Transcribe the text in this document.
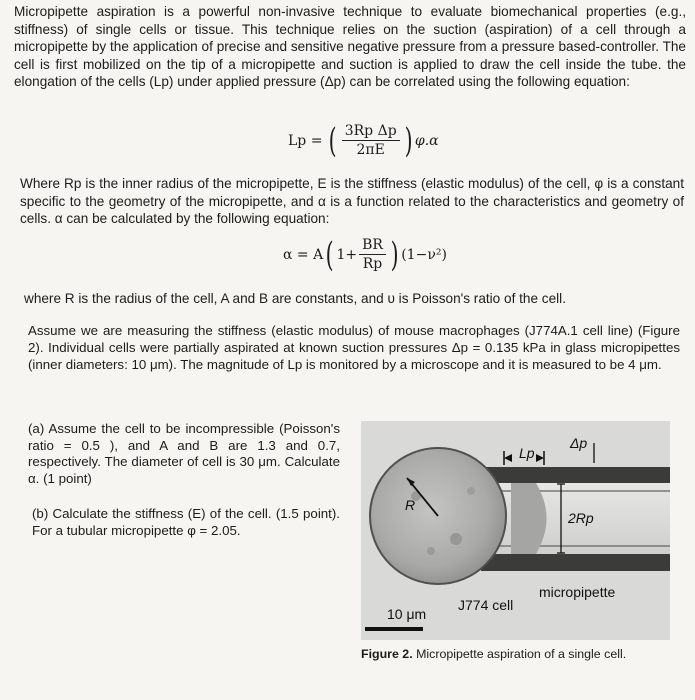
Micropipette aspiration is a powerful non-invasive technique to evaluate biomechanical properties (e.g., stiffness) of single cells or tissue. This technique relies on the suction (aspiration) of a cell through a micropipette by the application of precise and sensitive negative pressure from a pressure based-controller. The cell is first mobilized on the tip of a micropipette and suction is applied to draw the cell inside the tube. the elongation of the cells (Lp) under applied pressure (Δp) can be correlated using the following equation:

Lp = ( $\frac{\text{3Rp Δp}}{2\pi E}$ ) φ.α

Where Rp is the inner radius of the micropipette, E is the stiffness (elastic modulus) of the cell, φ is a constant specific to the geometry of the micropipette, and α is a function related to the characteristics and geometry of cells. α can be calculated by the following equation:

α = A ( $1+ \frac{BR}{Rp}$ ) (1−ν²)

where R is the radius of the cell, A and B are constants, and υ is Poisson's ratio of the cell.

Assume we are measuring the stiffness (elastic modulus) of mouse macrophages (J774A.1 cell line) (Figure 2). Individual cells were partially aspirated at known suction pressures Δp = 0.135 kPa in glass micropipettes (inner diameters: 10 μm). The magnitude of Lp is monitored by a microscope and it is measured to be 4 μm.

(a) Assume the cell to be incompressible (Poisson's ratio = 0.5 ), and A and B are 1.3 and 0.7, respectively. The diameter of cell is 30 μm. Calculate α. (1 point)
(b) Calculate the stiffness (E) of the cell. (1.5 point). For a tubular micropipette φ = 2.05.
Lp
Δp
R
2Rp
micropipette
J774 cell
10 μm
Figure 2. Micropipette aspiration of a single cell.
